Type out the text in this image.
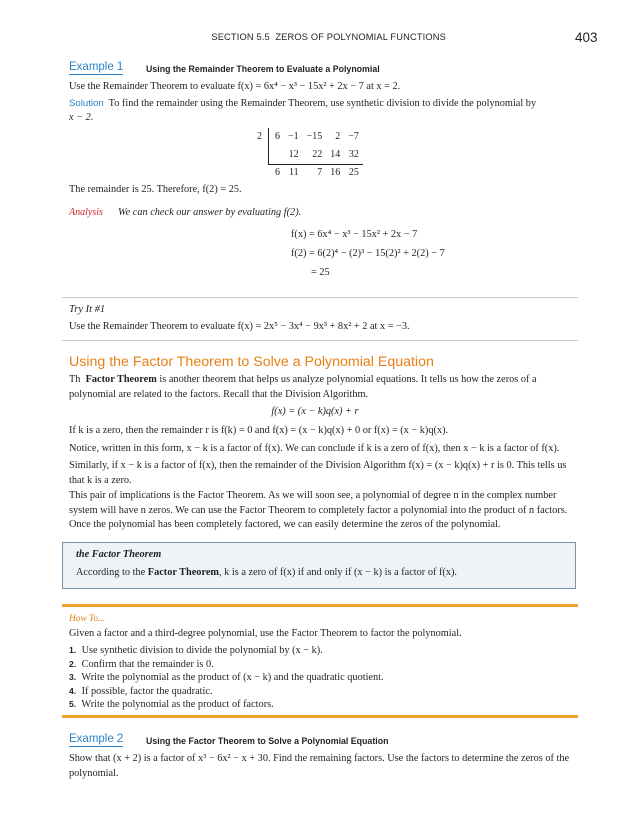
SECTION 5.5 ZEROS OF POLYNOMIAL FUNCTIONS	403
Example 1	Using the Remainder Theorem to Evaluate a Polynomial
Use the Remainder Theorem to evaluate f(x) = 6x⁴ − x³ − 15x² + 2x − 7 at x = 2.
Solution To find the remainder using the Remainder Theorem, use synthetic division to divide the polynomial by
x − 2.
2	6	−1	−15	2	−7
		12	22	14	32
	6	11	7	16	25
The remainder is 25. Therefore, f(2) = 25.
Analysis We can check our answer by evaluating f(2).
f(x) = 6x⁴ − x³ − 15x² + 2x − 7
f(2) = 6(2)⁴ − (2)³ − 15(2)² + 2(2) − 7
= 25
Try It #1
Use the Remainder Theorem to evaluate f(x) = 2x⁵ − 3x⁴ − 9x³ + 8x² + 2 at x = −3.
Using the Factor Theorem to Solve a Polynomial Equation
Th Factor Theorem is another theorem that helps us analyze polynomial equations. It tells us how the zeros of a polynomial are related to the factors. Recall that the Division Algorithm.
f(x) = (x − k)q(x) + r
If k is a zero, then the remainder r is f(k) = 0 and f(x) = (x − k)q(x) + 0 or f(x) = (x − k)q(x).
Notice, written in this form, x − k is a factor of f(x). We can conclude if k is a zero of f(x), then x − k is a factor of f(x).
Similarly, if x − k is a factor of f(x), then the remainder of the Division Algorithm f(x) = (x − k)q(x) + r is 0. This tells us that k is a zero.
This pair of implications is the Factor Theorem. As we will soon see, a polynomial of degree n in the complex number system will have n zeros. We can use the Factor Theorem to completely factor a polynomial into the product of n factors. Once the polynomial has been completely factored, we can easily determine the zeros of the polynomial.
the Factor Theorem
According to the Factor Theorem, k is a zero of f(x) if and only if (x − k) is a factor of f(x).
How To...
Given a factor and a third-degree polynomial, use the Factor Theorem to factor the polynomial.
1. Use synthetic division to divide the polynomial by (x − k).
2. Confirm that the remainder is 0.
3. Write the polynomial as the product of (x − k) and the quadratic quotient.
4. If possible, factor the quadratic.
5. Write the polynomial as the product of factors.
Example 2	Using the Factor Theorem to Solve a Polynomial Equation
Show that (x + 2) is a factor of x³ − 6x² − x + 30. Find the remaining factors. Use the factors to determine the zeros of the polynomial.
